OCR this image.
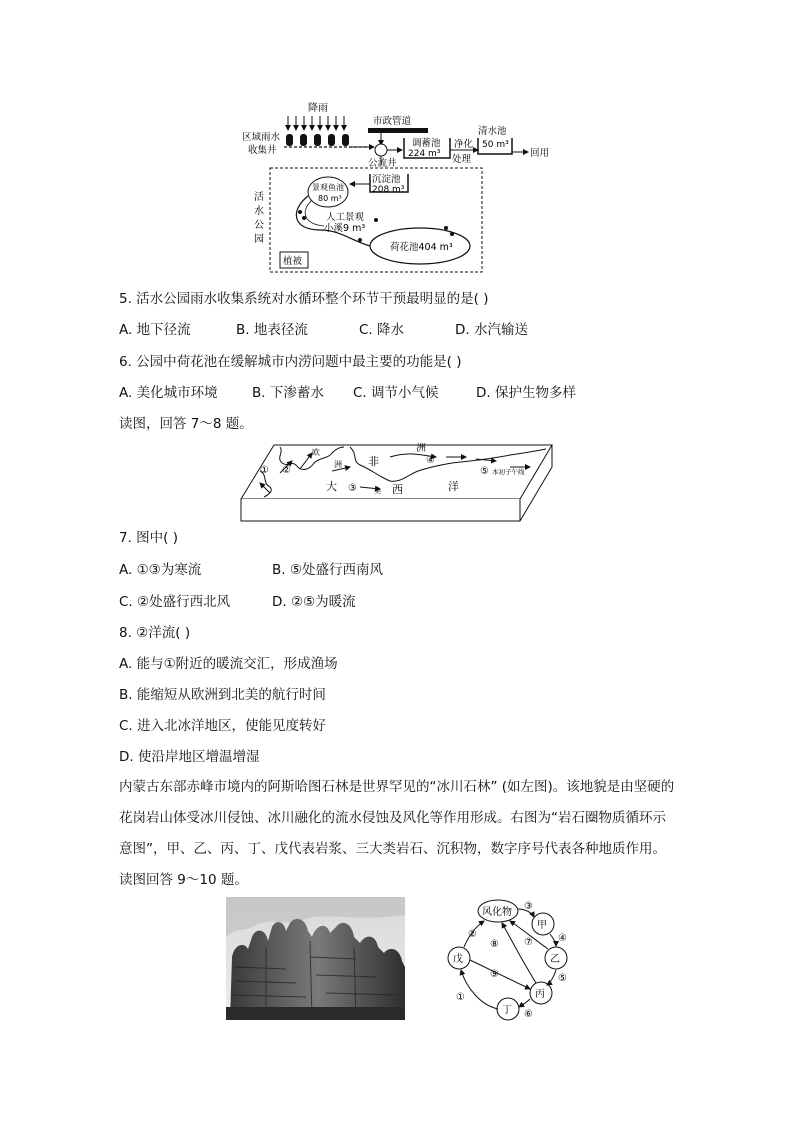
降雨
区域雨水收集井
市政管道
公流井
调蓄池
224 m³
净化处理
清水池
50 m³
回用
活水公园
沉淀池
208 m³
景观鱼池
80 m³
人工景观小溪9 m³
荷花池404 m³
植被
5. 活水公园雨水收集系统对水循环整个环节干预最明显的是( )
A. 地下径流	B. 地表径流	C. 降水	D. 水汽输送
6. 公园中荷花池在缓解城市内涝问题中最主要的功能是( )
A. 美化城市环境	B. 下渗蓄水 C. 调节小气候	D. 保护生物多样
读图，回答 7～8 题。
① ②
③
④
⑤
非
洲
大	西	洋
本初子午线
欧
洲
美
7. 图中( )
A. ①③为寒流	B. ⑤处盛行西南风
C. ②处盛行西北风	D. ②⑤为暖流
8. ②洋流( )
A. 能与①附近的暖流交汇，形成渔场
B. 能缩短从欧洲到北美的航行时间
C. 进入北冰洋地区，使能见度转好
D. 使沿岸地区增温增湿
内蒙古东部赤峰市境内的阿斯哈图石林是世界罕见的“冰川石林” (如左图)。该地貌是由坚硬的花岗岩山体受冰川侵蚀、冰川融化的流水侵蚀及风化等作用形成。右图为“岩石圈物质循环示意图”，甲、乙、丙、丁、戊代表岩浆、三大类岩石、沉积物，数字序号代表各种地质作用。读图回答 9～10 题。
风化物
甲
乙
丙
丁
戊
③
④
⑤
⑥
①
②
⑦
⑧
⑨
